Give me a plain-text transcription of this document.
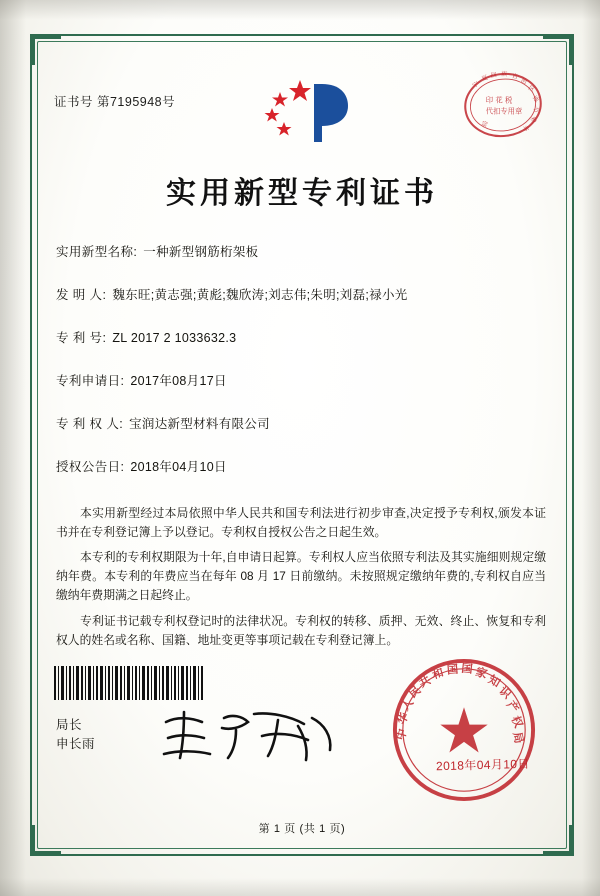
证书号 第7195948号
宁
夏 回 族 自
治
区
地
方
税
务
局
印 花 税
代扣专用章
实用新型专利证书
实用新型名称: 一种新型钢筋桁架板
发 明 人: 魏东旺;黄志强;黄彪;魏欣涛;刘志伟;朱明;刘磊;禄小光
专 利 号: ZL 2017 2 1033632.3
专利申请日: 2017年08月17日
专 利 权 人: 宝润达新型材料有限公司
授权公告日: 2018年04月10日

本实用新型经过本局依照中华人民共和国专利法进行初步审查,决定授予专利权,颁发本证书并在专利登记簿上予以登记。专利权自授权公告之日起生效。

本专利的专利权期限为十年,自申请日起算。专利权人应当依照专利法及其实施细则规定缴纳年费。本专利的年费应当在每年 08 月 17 日前缴纳。未按照规定缴纳年费的,专利权自应当缴纳年费期满之日起终止。

专利证书记载专利权登记时的法律状况。专利权的转移、质押、无效、终止、恢复和专利权人的姓名或名称、国籍、地址变更等事项记载在专利登记簿上。

局长
申长雨
中
华
人
民
共
和 国 国 家
知
识
产
权
局
2018年04月10日
第 1 页 (共 1 页)
